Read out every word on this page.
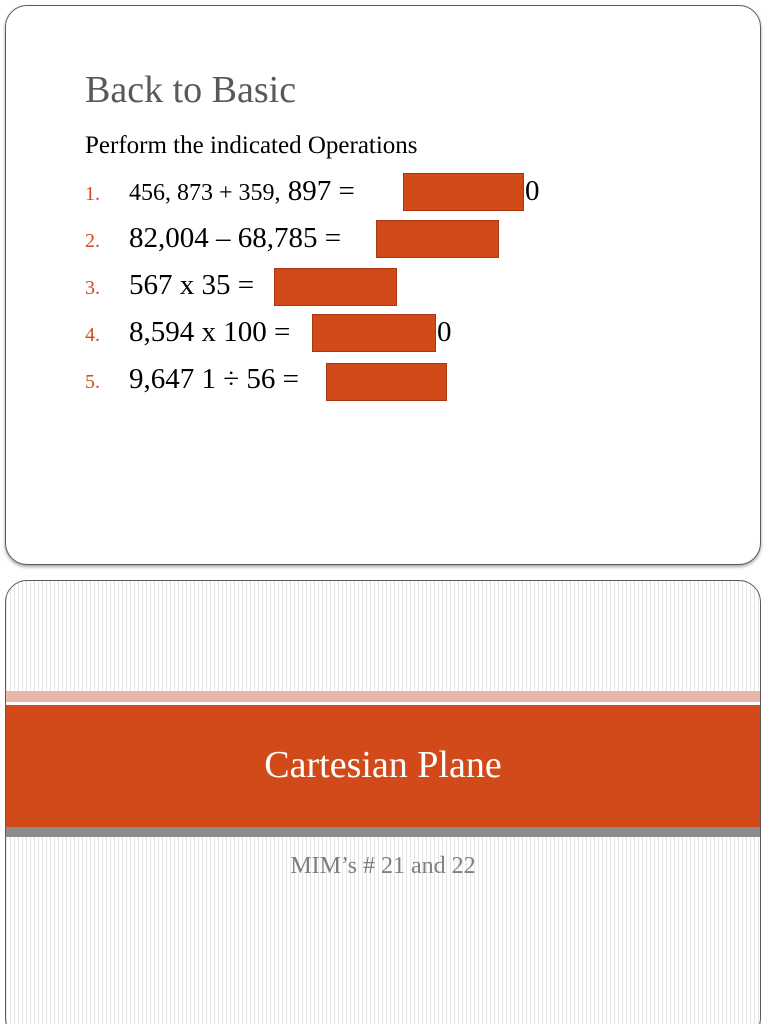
Back to Basic
Perform the indicated Operations
1. 456, 873 + 359, 897 =	0
2. 82,004 – 68,785 =
3. 567 x 35 =
4. 8,594 x 100 =	0
5. 9,647 1 ÷ 56 =
Cartesian Plane
MIM’s # 21 and 22
